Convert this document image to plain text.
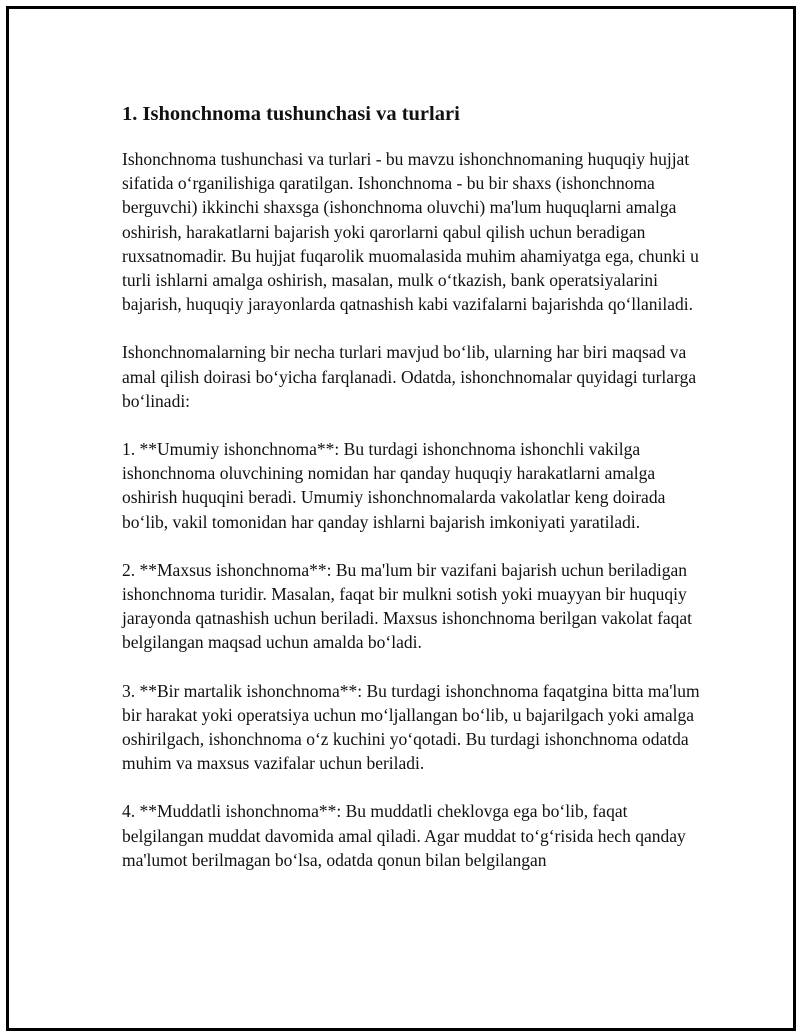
1. Ishonchnoma tushunchasi va turlari

Ishonchnoma tushunchasi va turlari - bu mavzu ishonchnomaning huquqiy hujjat sifatida o‘rganilishiga qaratilgan. Ishonchnoma - bu bir shaxs (ishonchnoma berguvchi) ikkinchi shaxsga (ishonchnoma oluvchi) ma'lum huquqlarni amalga oshirish, harakatlarni bajarish yoki qarorlarni qabul qilish uchun beradigan ruxsatnomadir. Bu hujjat fuqarolik muomalasida muhim ahamiyatga ega, chunki u turli ishlarni amalga oshirish, masalan, mulk o‘tkazish, bank operatsiyalarini bajarish, huquqiy jarayonlarda qatnashish kabi vazifalarni bajarishda qo‘llaniladi.

Ishonchnomalarning bir necha turlari mavjud bo‘lib, ularning har biri maqsad va amal qilish doirasi bo‘yicha farqlanadi. Odatda, ishonchnomalar quyidagi turlarga bo‘linadi:

1. **Umumiy ishonchnoma**: Bu turdagi ishonchnoma ishonchli vakilga ishonchnoma oluvchining nomidan har qanday huquqiy harakatlarni amalga oshirish huquqini beradi. Umumiy ishonchnomalarda vakolatlar keng doirada bo‘lib, vakil tomonidan har qanday ishlarni bajarish imkoniyati yaratiladi.

2. **Maxsus ishonchnoma**: Bu ma'lum bir vazifani bajarish uchun beriladigan ishonchnoma turidir. Masalan, faqat bir mulkni sotish yoki muayyan bir huquqiy jarayonda qatnashish uchun beriladi. Maxsus ishonchnoma berilgan vakolat faqat belgilangan maqsad uchun amalda bo‘ladi.

3. **Bir martalik ishonchnoma**: Bu turdagi ishonchnoma faqatgina bitta ma'lum bir harakat yoki operatsiya uchun mo‘ljallangan bo‘lib, u bajarilgach yoki amalga oshirilgach, ishonchnoma o‘z kuchini yo‘qotadi. Bu turdagi ishonchnoma odatda muhim va maxsus vazifalar uchun beriladi.

4. **Muddatli ishonchnoma**: Bu muddatli cheklovga ega bo‘lib, faqat belgilangan muddat davomida amal qiladi. Agar muddat to‘g‘risida hech qanday ma'lumot berilmagan bo‘lsa, odatda qonun bilan belgilangan
